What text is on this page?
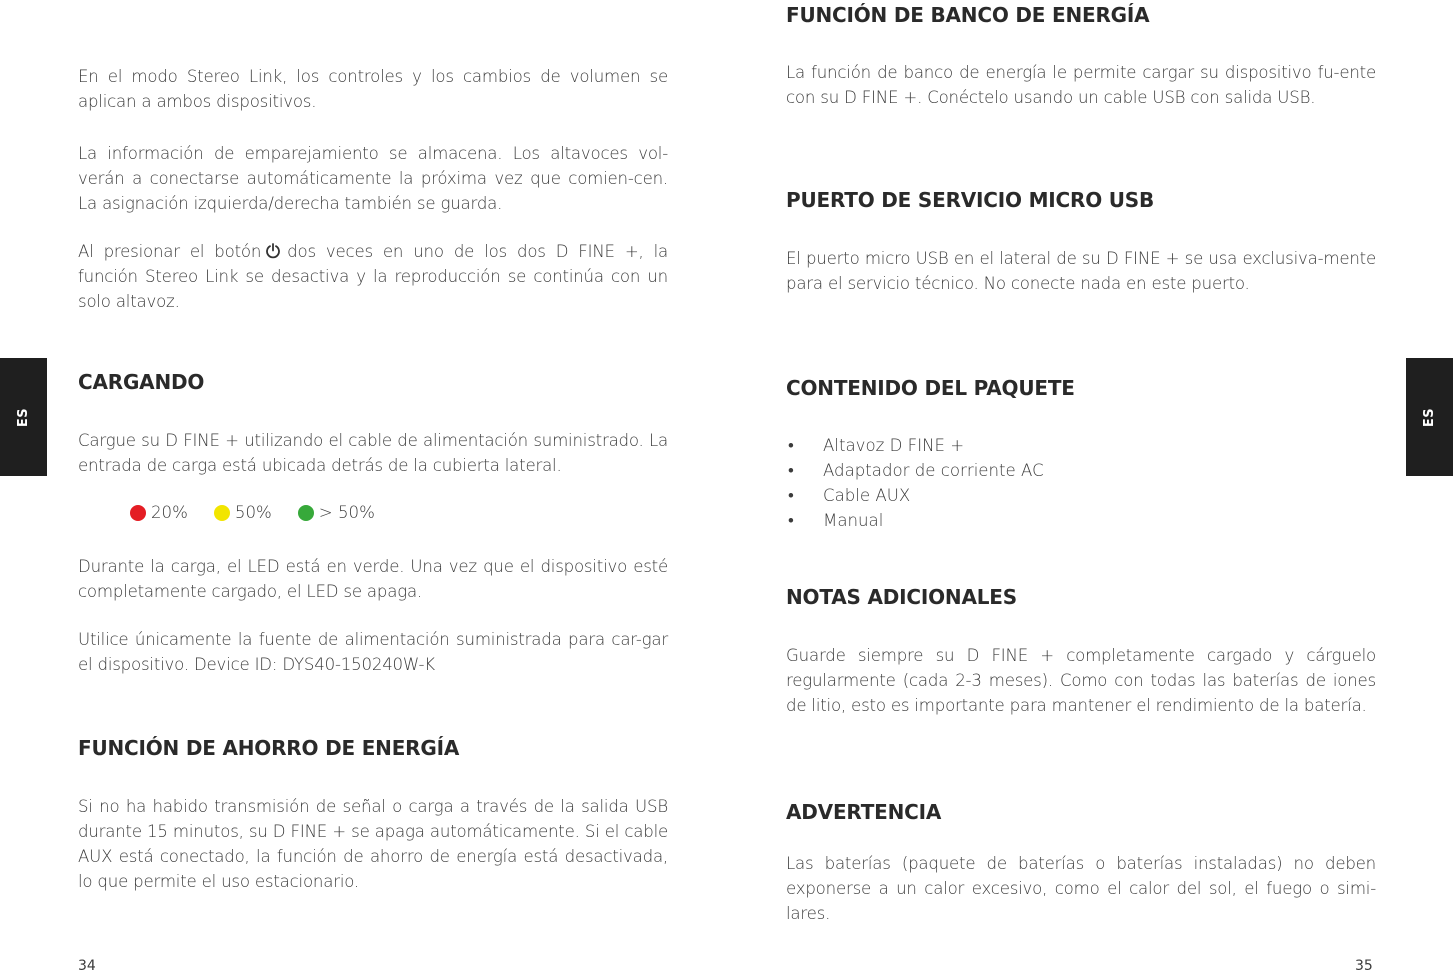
ES

En el modo Stereo Link, los controles y los cambios de volumen se aplican a ambos dispositivos.

La información de emparejamiento se almacena. Los altavoces vol-verán a conectarse automáticamente la próxima vez que comien-cen. La asignación izquierda/derecha también se guarda.

Al presionar el botón dos veces en uno de los dos D FINE +, la función Stereo Link se desactiva y la reproducción se continúa con un solo altavoz.

CARGANDO

Cargue su D FINE + utilizando el cable de alimentación suministrado. La entrada de carga está ubicada detrás de la cubierta lateral.

20%	50%	> 50%

Durante la carga, el LED está en verde. Una vez que el dispositivo esté completamente cargado, el LED se apaga.

Utilice únicamente la fuente de alimentación suministrada para car-gar el dispositivo. Device ID: DYS40-150240W-K

FUNCIÓN DE AHORRO DE ENERGÍA

Si no ha habido transmisión de señal o carga a través de la salida USB durante 15 minutos, su D FINE + se apaga automáticamente. Si el cable AUX está conectado, la función de ahorro de energía está desactivada, lo que permite el uso estacionario.

34
ES
FUNCIÓN DE BANCO DE ENERGÍA

La función de banco de energía le permite cargar su dispositivo fu-ente con su D FINE +. Conéctelo usando un cable USB con salida USB.

PUERTO DE SERVICIO MICRO USB

El puerto micro USB en el lateral de su D FINE + se usa exclusiva-mente para el servicio técnico. No conecte nada en este puerto.

CONTENIDO DEL PAQUETE
• Altavoz D FINE +
• Adaptador de corriente AC
• Cable AUX
• Manual
NOTAS ADICIONALES

Guarde siempre su D FINE + completamente cargado y cárguelo regularmente (cada 2-3 meses). Como con todas las baterías de iones de litio, esto es importante para mantener el rendimiento de la batería.

ADVERTENCIA

Las baterías (paquete de baterías o baterías instaladas) no deben exponerse a un calor excesivo, como el calor del sol, el fuego o simi-lares.

35
